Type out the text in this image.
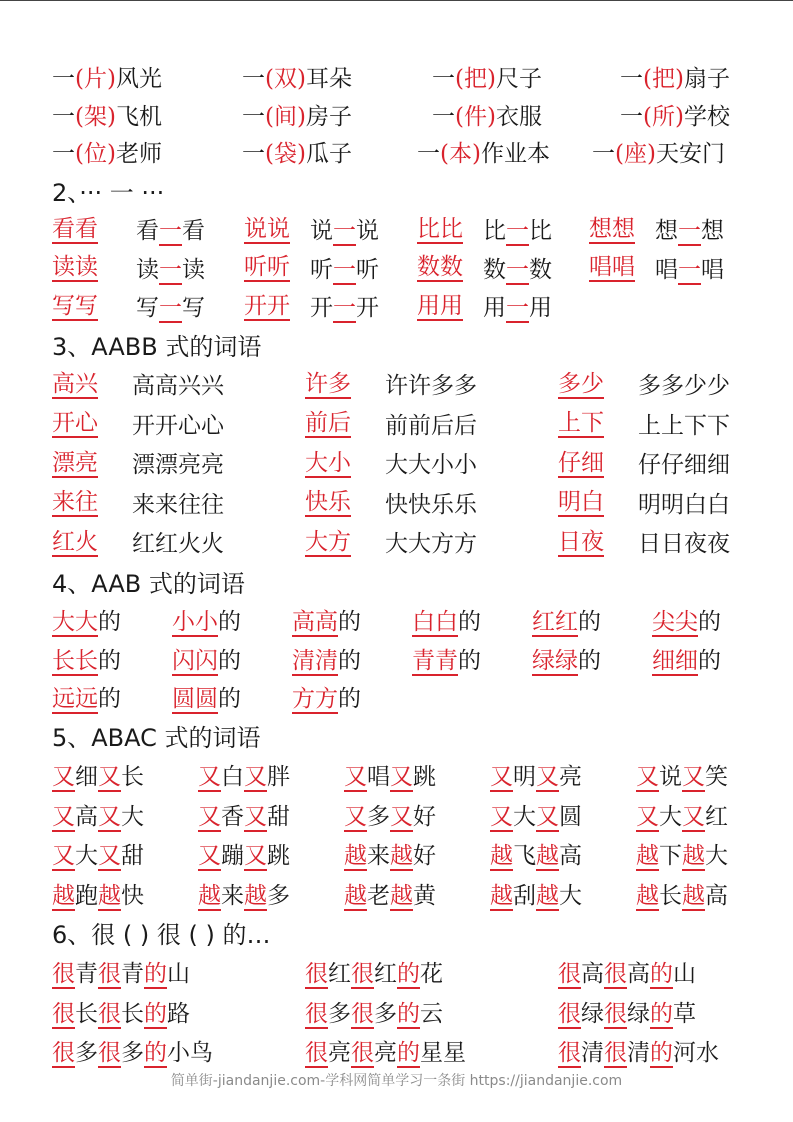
一(片)风光	一(双)耳朵	一(把)尺子	一(把)扇子
一(架)飞机	一(间)房子	一(件)衣服	一(所)学校
一(位)老师	一(袋)瓜子	一(本)作业本	一(座)天安门
2、··· 一 ···
看看	看一看	说说 说一说	比比 比一比	想想 想一想
读读	读一读	听听 听一听	数数 数一数	唱唱 唱一唱
写写	写一写	开开 开一开	用用 用一用
3、AABB 式的词语
高兴	高高兴兴	许多	许许多多	多少	多多少少
开心	开开心心	前后	前前后后	上下	上上下下
漂亮	漂漂亮亮	大小	大大小小	仔细	仔仔细细
来往	来来往往	快乐	快快乐乐	明白	明明白白
红火	红红火火	大方	大大方方	日夜	日日夜夜
4、AAB 式的词语
大大的	小小的	高高的	白白的	红红的	尖尖的
长长的	闪闪的	清清的	青青的	绿绿的	细细的
远远的	圆圆的	方方的
5、ABAC 式的词语
又细又长	又白又胖	又唱又跳	又明又亮	又说又笑
又高又大	又香又甜	又多又好	又大又圆	又大又红
又大又甜	又蹦又跳	越来越好	越飞越高	越下越大
越跑越快	越来越多	越老越黄	越刮越大	越长越高
6、很 ( ) 很 ( ) 的…
很青很青的山	很红很红的花	很高很高的山
很长很长的路	很多很多的云	很绿很绿的草
很多很多的小鸟	很亮很亮的星星	很清很清的河水
简单街-jiandanjie.com-学科网简单学习一条街 https://jiandanjie.com
